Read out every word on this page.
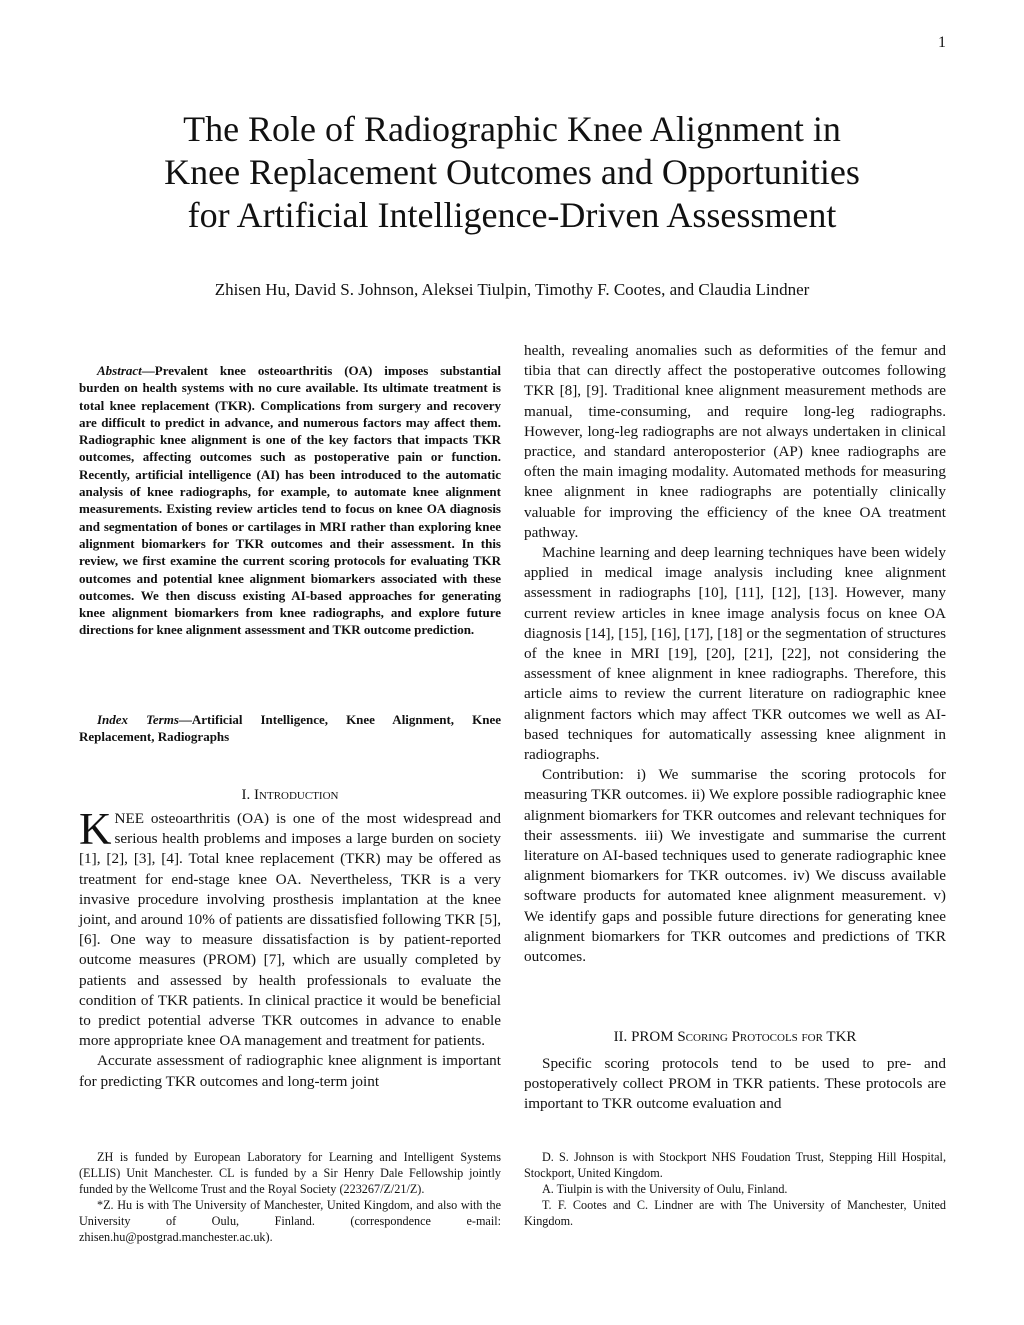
1
The Role of Radiographic Knee Alignment in
Knee Replacement Outcomes and Opportunities
for Artificial Intelligence-Driven Assessment
Zhisen Hu, David S. Johnson, Aleksei Tiulpin, Timothy F. Cootes, and Claudia Lindner
Abstract—Prevalent knee osteoarthritis (OA) imposes substantial burden on health systems with no cure available. Its ultimate treatment is total knee replacement (TKR). Complications from surgery and recovery are difficult to predict in advance, and numerous factors may affect them. Radiographic knee alignment is one of the key factors that impacts TKR outcomes, affecting outcomes such as postoperative pain or function. Recently, artificial intelligence (AI) has been introduced to the automatic analysis of knee radiographs, for example, to automate knee alignment measurements. Existing review articles tend to focus on knee OA diagnosis and segmentation of bones or cartilages in MRI rather than exploring knee alignment biomarkers for TKR outcomes and their assessment. In this review, we first examine the current scoring protocols for evaluating TKR outcomes and potential knee alignment biomarkers associated with these outcomes. We then discuss existing AI-based approaches for generating knee alignment biomarkers from knee radiographs, and explore future directions for knee alignment assessment and TKR outcome prediction.
Index Terms—Artificial Intelligence, Knee Alignment, Knee Replacement, Radiographs
I. Introduction

KNEE osteoarthritis (OA) is one of the most widespread and serious health problems and imposes a large burden on society [1], [2], [3], [4]. Total knee replacement (TKR) may be offered as treatment for end-stage knee OA. Nevertheless, TKR is a very invasive procedure involving prosthesis implantation at the knee joint, and around 10% of patients are dissatisfied following TKR [5], [6]. One way to measure dissatisfaction is by patient-reported outcome measures (PROM) [7], which are usually completed by patients and assessed by health professionals to evaluate the condition of TKR patients. In clinical practice it would be beneficial to predict potential adverse TKR outcomes in advance to enable more appropriate knee OA management and treatment for patients.

Accurate assessment of radiographic knee alignment is important for predicting TKR outcomes and long-term joint

health, revealing anomalies such as deformities of the femur and tibia that can directly affect the postoperative outcomes following TKR [8], [9]. Traditional knee alignment measurement methods are manual, time-consuming, and require long-leg radiographs. However, long-leg radiographs are not always undertaken in clinical practice, and standard anteroposterior (AP) knee radiographs are often the main imaging modality. Automated methods for measuring knee alignment in knee radiographs are potentially clinically valuable for improving the efficiency of the knee OA treatment pathway.

Machine learning and deep learning techniques have been widely applied in medical image analysis including knee alignment assessment in radiographs [10], [11], [12], [13]. However, many current review articles in knee image analysis focus on knee OA diagnosis [14], [15], [16], [17], [18] or the segmentation of structures of the knee in MRI [19], [20], [21], [22], not considering the assessment of knee alignment in knee radiographs. Therefore, this article aims to review the current literature on radiographic knee alignment factors which may affect TKR outcomes we well as AI-based techniques for automatically assessing knee alignment in radiographs.

Contribution: i) We summarise the scoring protocols for measuring TKR outcomes. ii) We explore possible radiographic knee alignment biomarkers for TKR outcomes and relevant techniques for their assessments. iii) We investigate and summarise the current literature on AI-based techniques used to generate radiographic knee alignment biomarkers for TKR outcomes. iv) We discuss available software products for automated knee alignment measurement. v) We identify gaps and possible future directions for generating knee alignment biomarkers for TKR outcomes and predictions of TKR outcomes.

II. PROM Scoring Protocols for TKR
Specific scoring protocols tend to be used to pre- and postoperatively collect PROM in TKR patients. These protocols are important to TKR outcome evaluation and

ZH is funded by European Laboratory for Learning and Intelligent Systems (ELLIS) Unit Manchester. CL is funded by a Sir Henry Dale Fellowship jointly funded by the Wellcome Trust and the Royal Society (223267/Z/21/Z).

*Z. Hu is with The University of Manchester, United Kingdom, and also with the University of Oulu, Finland. (correspondence e-mail: zhisen.hu@postgrad.manchester.ac.uk).

D. S. Johnson is with Stockport NHS Foudation Trust, Stepping Hill Hospital, Stockport, United Kingdom.

A. Tiulpin is with the University of Oulu, Finland.

T. F. Cootes and C. Lindner are with The University of Manchester, United Kingdom.
